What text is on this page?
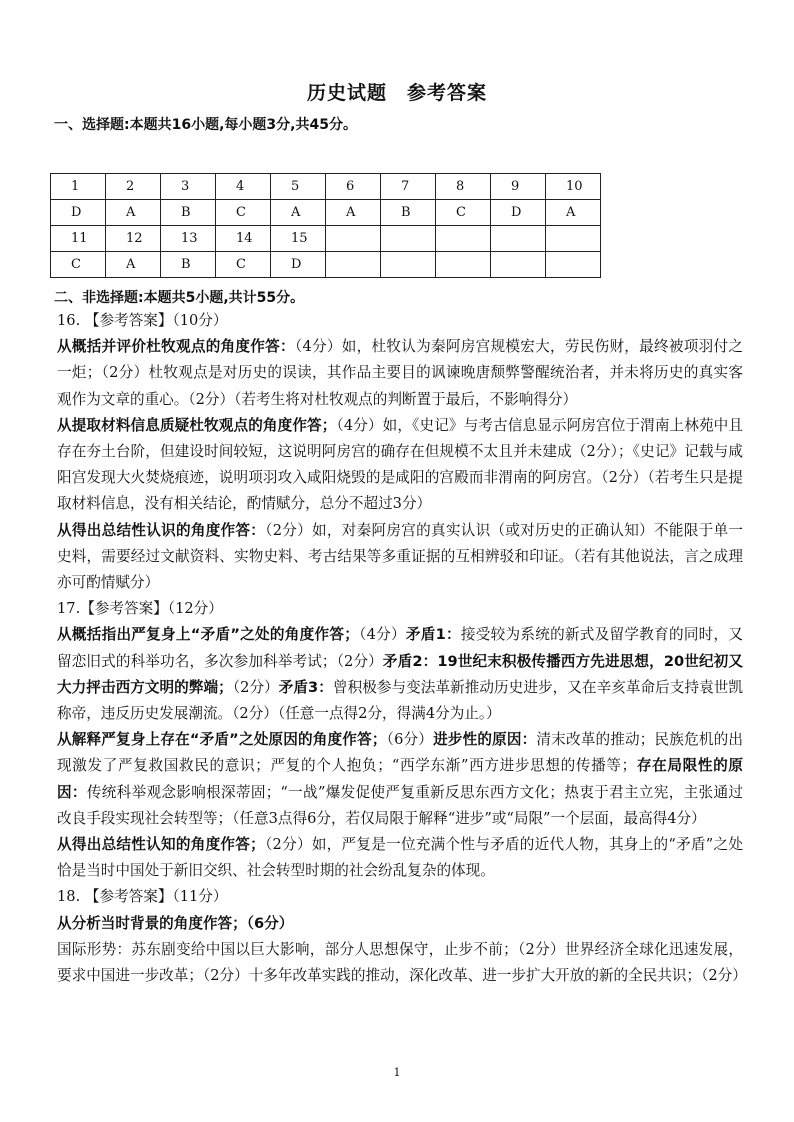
历史试题 参考答案
一、选择题:本题共16小题,每小题3分,共45分。
1	2	3	4	5	6	7	8	9	10
D	A	B	C	A	A	B	C	D	A
11	12	13	14	15					
C	A	B	C	D					
二、非选择题:本题共5小题,共计55分。

16. 【参考答案】（10分）

从概括并评价杜牧观点的角度作答：（4分）如，杜牧认为秦阿房宫规模宏大，劳民伤财，最终被项羽付之一炬；（2分）杜牧观点是对历史的误读，其作品主要目的讽谏晚唐颓弊警醒统治者，并未将历史的真实客观作为文章的重心。（2分）（若考生将对杜牧观点的判断置于最后，不影响得分）

从提取材料信息质疑杜牧观点的角度作答；（4分）如，《史记》与考古信息显示阿房宫位于渭南上林苑中且存在夯土台阶，但建设时间较短，这说明阿房宫的确存在但规模不太且并未建成（2分）；《史记》记载与咸阳宫发现大火焚烧痕迹，说明项羽攻入咸阳烧毁的是咸阳的宫殿而非渭南的阿房宫。（2分）（若考生只是提取材料信息，没有相关结论，酌情赋分，总分不超过3分）

从得出总结性认识的角度作答：（2分）如，对秦阿房宫的真实认识（或对历史的正确认知）不能限于单一史料，需要经过文献资料、实物史料、考古结果等多重证据的互相辨驳和印证。（若有其他说法，言之成理亦可酌情赋分）

17.【参考答案】（12分）

从概括指出严复身上“矛盾”之处的角度作答；（4分）矛盾1：接受较为系统的新式及留学教育的同时，又留恋旧式的科举功名，多次参加科举考试；（2分）矛盾2：19世纪末积极传播西方先进思想，20世纪初又大力抨击西方文明的弊端；（2分）矛盾3：曾积极参与变法革新推动历史进步，又在辛亥革命后支持袁世凯称帝，违反历史发展潮流。（2分）（任意一点得2分，得满4分为止。）

从解释严复身上存在“矛盾”之处原因的角度作答；（6分）进步性的原因：清末改革的推动；民族危机的出现激发了严复救国救民的意识；严复的个人抱负；“西学东渐”西方进步思想的传播等；存在局限性的原因：传统科举观念影响根深蒂固；“一战”爆发促使严复重新反思东西方文化；热衷于君主立宪，主张通过改良手段实现社会转型等；（任意3点得6分，若仅局限于解释“进步”或“局限”一个层面，最高得4分）

从得出总结性认知的角度作答；（2分）如，严复是一位充满个性与矛盾的近代人物，其身上的“矛盾”之处恰是当时中国处于新旧交织、社会转型时期的社会纷乱复杂的体现。

18. 【参考答案】（11分）

从分析当时背景的角度作答；（6分）

国际形势：苏东剧变给中国以巨大影响，部分人思想保守，止步不前；（2分）世界经济全球化迅速发展，要求中国进一步改革；（2分）十多年改革实践的推动，深化改革、进一步扩大开放的新的全民共识；（2分）

1
